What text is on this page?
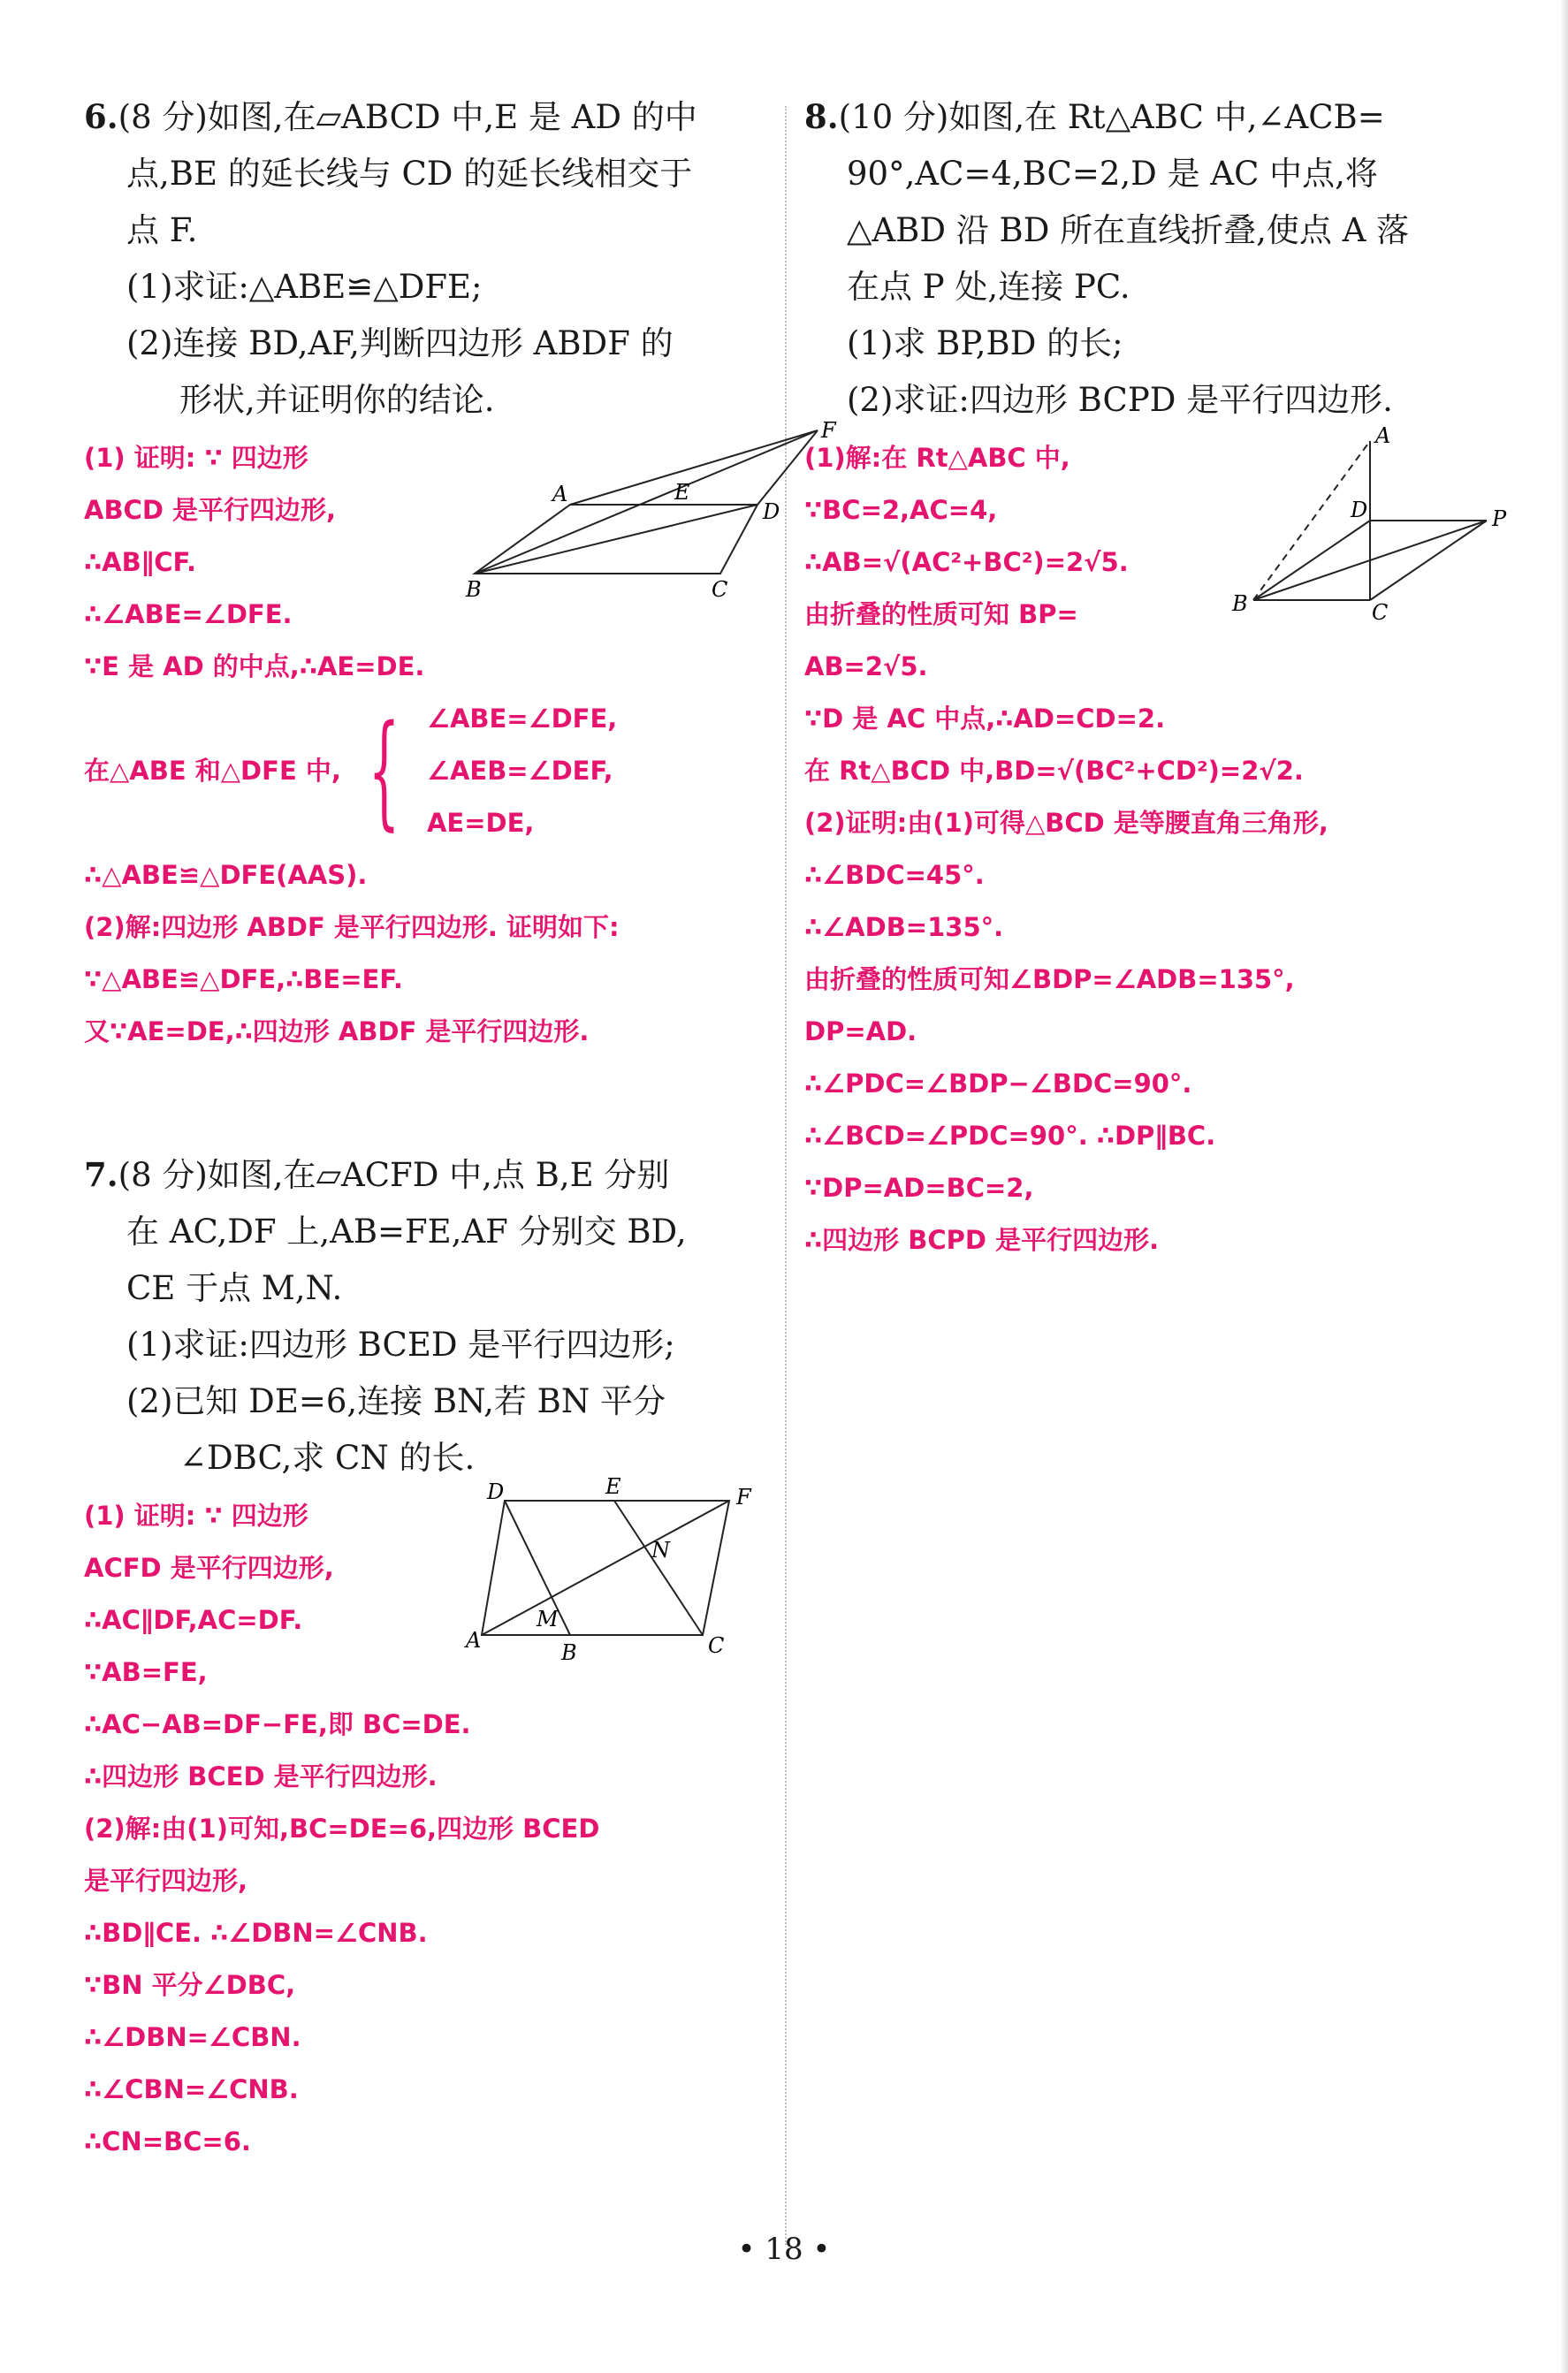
6.(8 分)如图,在▱ABCD 中,E 是 AD 的中

点,BE 的延长线与 CD 的延长线相交于

点 F.

(1)求证:△ABE≌△DFE;

(2)连接 BD,AF,判断四边形 ABDF 的

形状,并证明你的结论.

(1) 证明: ∵ 四边形

ABCD 是平行四边形,

∴AB∥CF.

∴∠ABE=∠DFE.

∵E 是 AD 的中点,∴AE=DE.

在△ABE 和△DFE 中, { ∠ABE=∠DFE,

∠AEB=∠DEF,

AE=DE,

∴△ABE≌△DFE(AAS).

(2)解:四边形 ABDF 是平行四边形. 证明如下:

∵△ABE≌△DFE,∴BE=EF.

又∵AE=DE,∴四边形 ABDF 是平行四边形.

A	E
F
D
B	C

7.(8 分)如图,在▱ACFD 中,点 B,E 分别

在 AC,DF 上,AB=FE,AF 分别交 BD,

CE 于点 M,N.

(1)求证:四边形 BCED 是平行四边形;

(2)已知 DE=6,连接 BN,若 BN 平分

∠DBC,求 CN 的长.

(1) 证明: ∵ 四边形

ACFD 是平行四边形,

∴AC∥DF,AC=DF.

∵AB=FE,

∴AC−AB=DF−FE,即 BC=DE.

∴四边形 BCED 是平行四边形.

(2)解:由(1)可知,BC=DE=6,四边形 BCED

是平行四边形,

∴BD∥CE. ∴∠DBN=∠CNB.

∵BN 平分∠DBC,

∴∠DBN=∠CBN.

∴∠CBN=∠CNB.

∴CN=BC=6.

D	E	F
N
M
A	B	C

8.(10 分)如图,在 Rt△ABC 中,∠ACB=

90°,AC=4,BC=2,D 是 AC 中点,将

△ABD 沿 BD 所在直线折叠,使点 A 落

在点 P 处,连接 PC.

(1)求 BP,BD 的长;

(2)求证:四边形 BCPD 是平行四边形.

(1)解:在 Rt△ABC 中,

∵BC=2,AC=4,

∴AB=√(AC²+BC²)=2√5.

由折叠的性质可知 BP=

AB=2√5.

∵D 是 AC 中点,∴AD=CD=2.

在 Rt△BCD 中,BD=√(BC²+CD²)=2√2.

(2)证明:由(1)可得△BCD 是等腰直角三角形,

∴∠BDC=45°.

∴∠ADB=135°.

由折叠的性质可知∠BDP=∠ADB=135°,

DP=AD.

∴∠PDC=∠BDP−∠BDC=90°.

∴∠BCD=∠PDC=90°. ∴DP∥BC.

∵DP=AD=BC=2,

∴四边形 BCPD 是平行四边形.

A
D	P
B	C
• 18 •
